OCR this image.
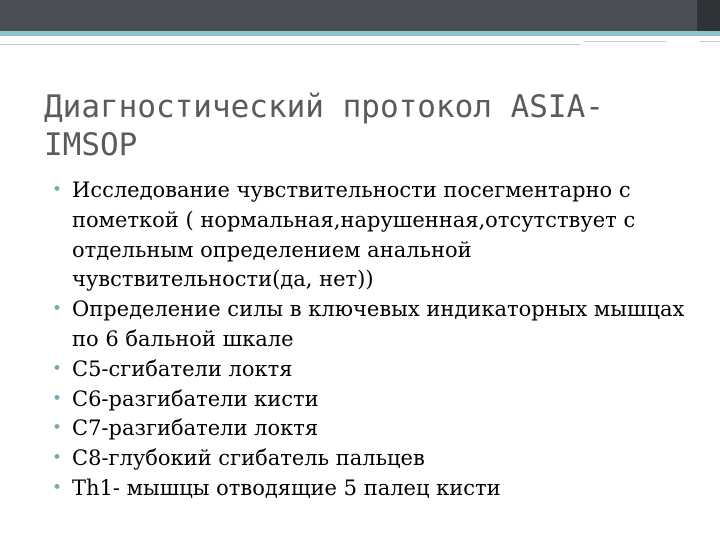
Диагностический протокол ASIA-IMSOP
• Исследование чувствительности посегментарно с пометкой ( нормальная,нарушенная,отсутствует с отдельным определением анальной чувствительности(да, нет))
• Определение силы в ключевых индикаторных мышцах по 6 бальной шкале
• С5-сгибатели локтя
• С6-разгибатели кисти
• С7-разгибатели локтя
• С8-глубокий сгибатель пальцев
• Th1- мышцы отводящие 5 палец кисти
